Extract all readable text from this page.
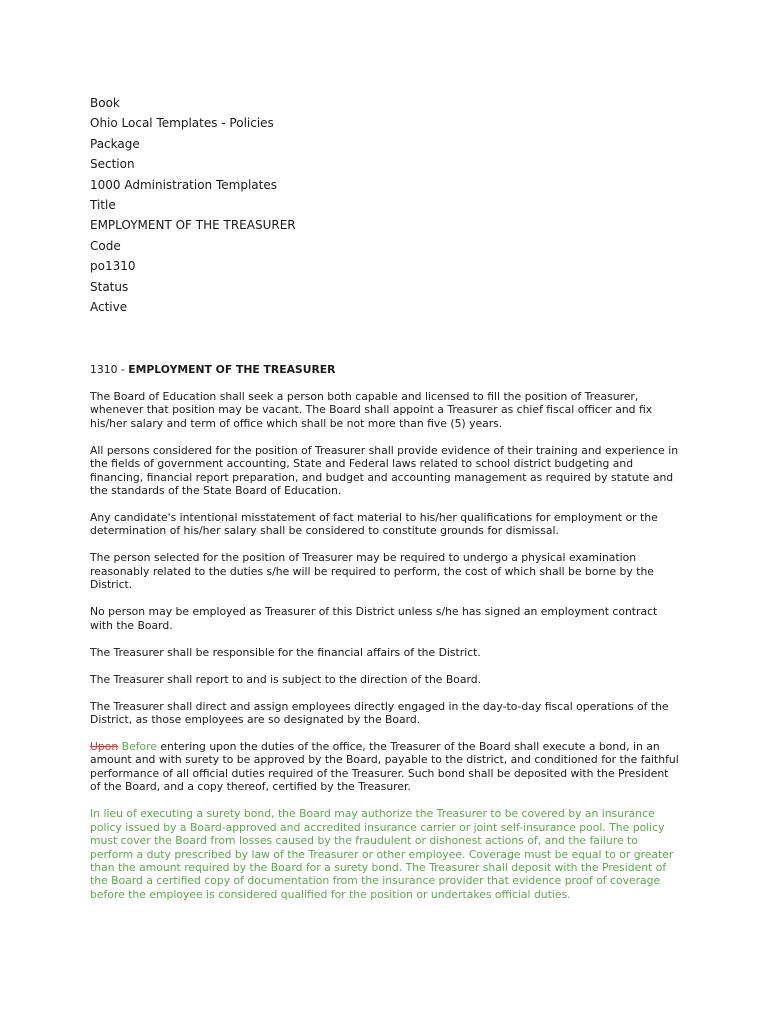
Book

Ohio Local Templates - Policies

Package

Section

1000 Administration Templates

Title

EMPLOYMENT OF THE TREASURER

Code

po1310

Status

Active

1310 - EMPLOYMENT OF THE TREASURER

The Board of Education shall seek a person both capable and licensed to fill the position of Treasurer, whenever that position may be vacant. The Board shall appoint a Treasurer as chief fiscal officer and fix his/her salary and term of office which shall be not more than five (5) years.

All persons considered for the position of Treasurer shall provide evidence of their training and experience in the fields of government accounting, State and Federal laws related to school district budgeting and financing, financial report preparation, and budget and accounting management as required by statute and the standards of the State Board of Education.

Any candidate's intentional misstatement of fact material to his/her qualifications for employment or the determination of his/her salary shall be considered to constitute grounds for dismissal.

The person selected for the position of Treasurer may be required to undergo a physical examination reasonably related to the duties s/he will be required to perform, the cost of which shall be borne by the District.

No person may be employed as Treasurer of this District unless s/he has signed an employment contract with the Board.

The Treasurer shall be responsible for the financial affairs of the District.

The Treasurer shall report to and is subject to the direction of the Board.

The Treasurer shall direct and assign employees directly engaged in the day-to-day fiscal operations of the District, as those employees are so designated by the Board.

Upon Before entering upon the duties of the office, the Treasurer of the Board shall execute a bond, in an amount and with surety to be approved by the Board, payable to the district, and conditioned for the faithful performance of all official duties required of the Treasurer. Such bond shall be deposited with the President of the Board, and a copy thereof, certified by the Treasurer.

In lieu of executing a surety bond, the Board may authorize the Treasurer to be covered by an insurance policy issued by a Board-approved and accredited insurance carrier or joint self-insurance pool. The policy must cover the Board from losses caused by the fraudulent or dishonest actions of, and the failure to perform a duty prescribed by law of the Treasurer or other employee. Coverage must be equal to or greater than the amount required by the Board for a surety bond. The Treasurer shall deposit with the President of the Board a certified copy of documentation from the insurance provider that evidence proof of coverage before the employee is considered qualified for the position or undertakes official duties.
